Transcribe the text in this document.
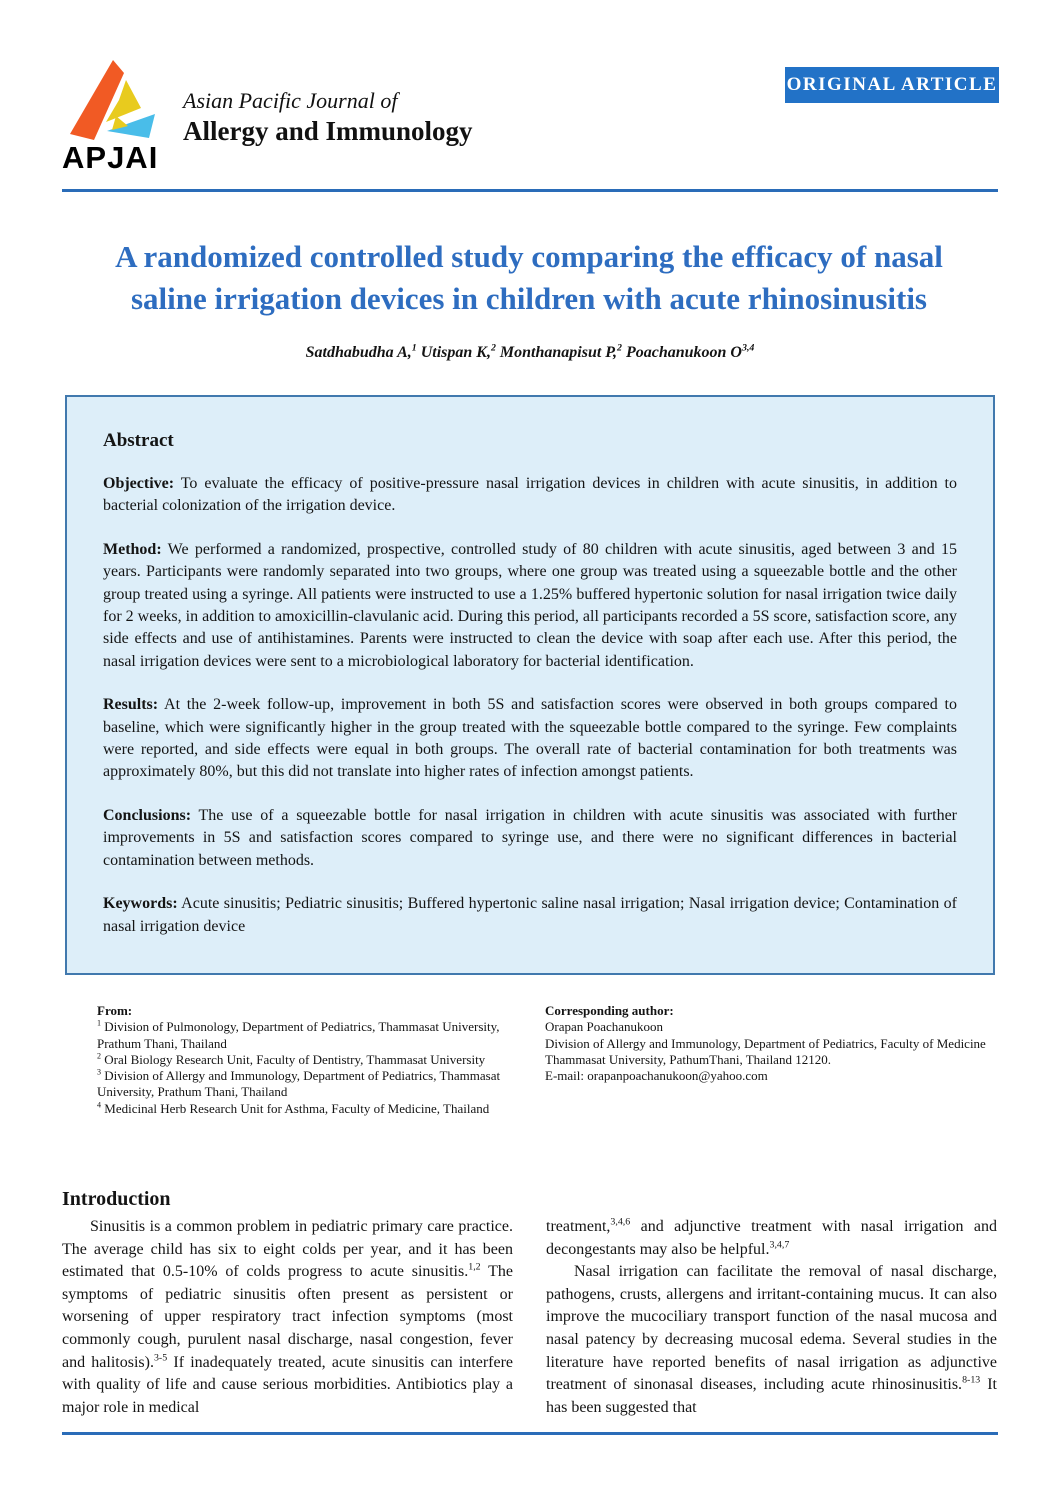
APJAI
Asian Pacific Journal of
Allergy and Immunology
ORIGINAL ARTICLE
A randomized controlled study comparing the efficacy of nasal
saline irrigation devices in children with acute rhinosinusitis
Satdhabudha A,$^1$ Utispan K,$^2$ Monthanapisut P,$^2$ Poachanukoon O$^{3,4}$
Abstract

Objective: To evaluate the efficacy of positive-pressure nasal irrigation devices in children with acute sinusitis, in addition to bacterial colonization of the irrigation device.

Method: We performed a randomized, prospective, controlled study of 80 children with acute sinusitis, aged between 3 and 15 years. Participants were randomly separated into two groups, where one group was treated using a squeezable bottle and the other group treated using a syringe. All patients were instructed to use a 1.25% buffered hypertonic solution for nasal irrigation twice daily for 2 weeks, in addition to amoxicillin-clavulanic acid. During this period, all participants recorded a 5S score, satisfaction score, any side effects and use of antihistamines. Parents were instructed to clean the device with soap after each use. After this period, the nasal irrigation devices were sent to a microbiological laboratory for bacterial identification.

Results: At the 2-week follow-up, improvement in both 5S and satisfaction scores were observed in both groups compared to baseline, which were significantly higher in the group treated with the squeezable bottle compared to the syringe. Few complaints were reported, and side effects were equal in both groups. The overall rate of bacterial contamination for both treatments was approximately 80%, but this did not translate into higher rates of infection amongst patients.

Conclusions: The use of a squeezable bottle for nasal irrigation in children with acute sinusitis was associated with further improvements in 5S and satisfaction scores compared to syringe use, and there were no significant differences in bacterial contamination between methods.

Keywords: Acute sinusitis; Pediatric sinusitis; Buffered hypertonic saline nasal irrigation; Nasal irrigation device; Contamination of nasal irrigation device

From:
$^1$ Division of Pulmonology, Department of Pediatrics, Thammasat University, Prathum Thani, Thailand
$^2$ Oral Biology Research Unit, Faculty of Dentistry, Thammasat University
$^3$ Division of Allergy and Immunology, Department of Pediatrics, Thammasat University, Prathum Thani, Thailand
$^4$ Medicinal Herb Research Unit for Asthma, Faculty of Medicine, Thailand
Corresponding author:
Orapan Poachanukoon
Division of Allergy and Immunology, Department of Pediatrics, Faculty of Medicine
Thammasat University, PathumThani, Thailand 12120.
E-mail: orapanpoachanukoon@yahoo.com
Introduction

Sinusitis is a common problem in pediatric primary care practice. The average child has six to eight colds per year, and it has been estimated that 0.5-10% of colds progress to acute sinusitis.$^{1,2}$ The symptoms of pediatric sinusitis often present as persistent or worsening of upper respiratory tract infection symptoms (most commonly cough, purulent nasal discharge, nasal congestion, fever and halitosis).$^{3-5}$ If inadequately treated, acute sinusitis can interfere with quality of life and cause serious morbidities. Antibiotics play a major role in medical

treatment,$^{3,4,6}$ and adjunctive treatment with nasal irrigation and decongestants may also be helpful.$^{3,4,7}$

Nasal irrigation can facilitate the removal of nasal discharge, pathogens, crusts, allergens and irritant-containing mucus. It can also improve the mucociliary transport function of the nasal mucosa and nasal patency by decreasing mucosal edema. Several studies in the literature have reported benefits of nasal irrigation as adjunctive treatment of sinonasal diseases, including acute rhinosinusitis.$^{8-13}$ It has been suggested that
